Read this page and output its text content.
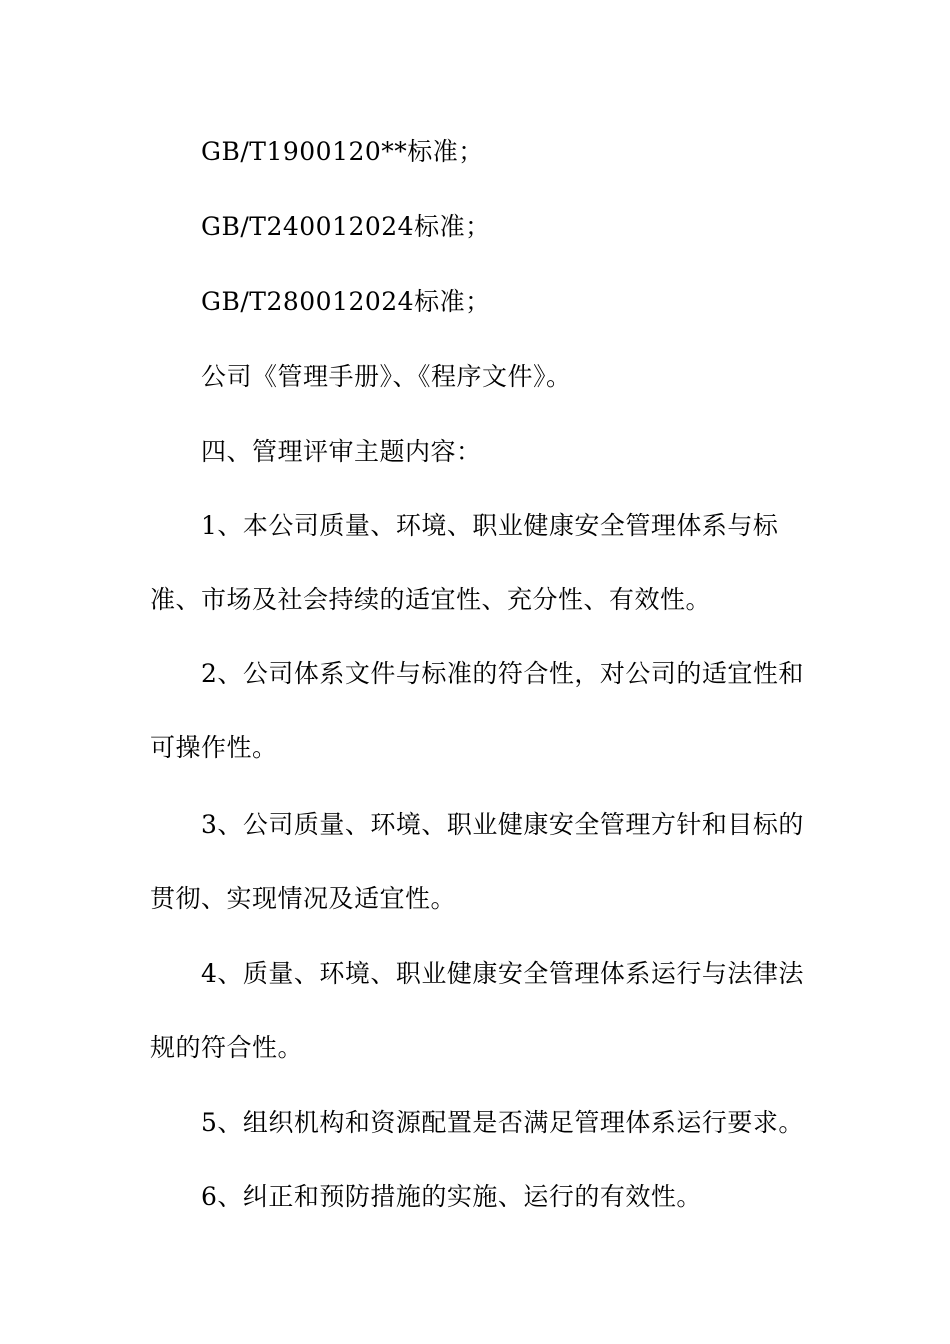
GB/T1900120**标准；
GB/T240012024标准；
GB/T280012024标准；
公司《管理手册》、《程序文件》。
四、管理评审主题内容：
1、本公司质量、环境、职业健康安全管理体系与标
准、市场及社会持续的适宜性、充分性、有效性。
2、公司体系文件与标准的符合性，对公司的适宜性和
可操作性。
3、公司质量、环境、职业健康安全管理方针和目标的
贯彻、实现情况及适宜性。
4、质量、环境、职业健康安全管理体系运行与法律法
规的符合性。
5、组织机构和资源配置是否满足管理体系运行要求。
6、纠正和预防措施的实施、运行的有效性。
